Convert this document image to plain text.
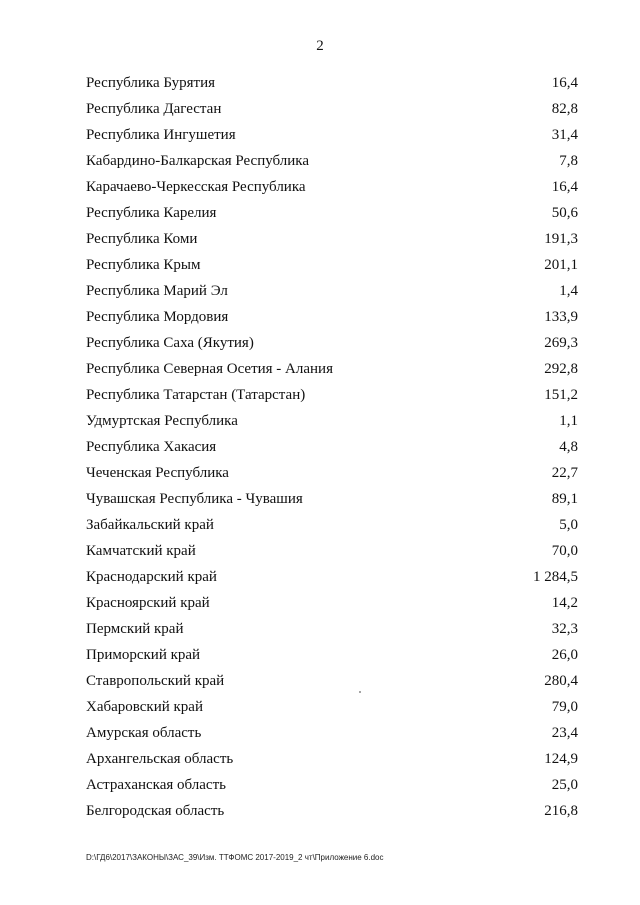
2
Республика Бурятия	16,4
Республика Дагестан	82,8
Республика Ингушетия	31,4
Кабардино-Балкарская Республика	7,8
Карачаево-Черкесская Республика	16,4
Республика Карелия	50,6
Республика Коми	191,3
Республика Крым	201,1
Республика Марий Эл	1,4
Республика Мордовия	133,9
Республика Саха (Якутия)	269,3
Республика Северная Осетия - Алания	292,8
Республика Татарстан (Татарстан)	151,2
Удмуртская Республика	1,1
Республика Хакасия	4,8
Чеченская Республика	22,7
Чувашская Республика - Чувашия	89,1
Забайкальский край	5,0
Камчатский край	70,0
Краснодарский край	1 284,5
Красноярский край	14,2
Пермский край	32,3
Приморский край	26,0
Ставропольский край	280,4
Хабаровский край	79,0
Амурская область	23,4
Архангельская область	124,9
Астраханская область	25,0
Белгородская область	216,8
D:\ГД6\2017\ЗАКОНЫ\ЗАС_39\Изм. ТТФОМС 2017-2019_2 чт\Приложение 6.doc
